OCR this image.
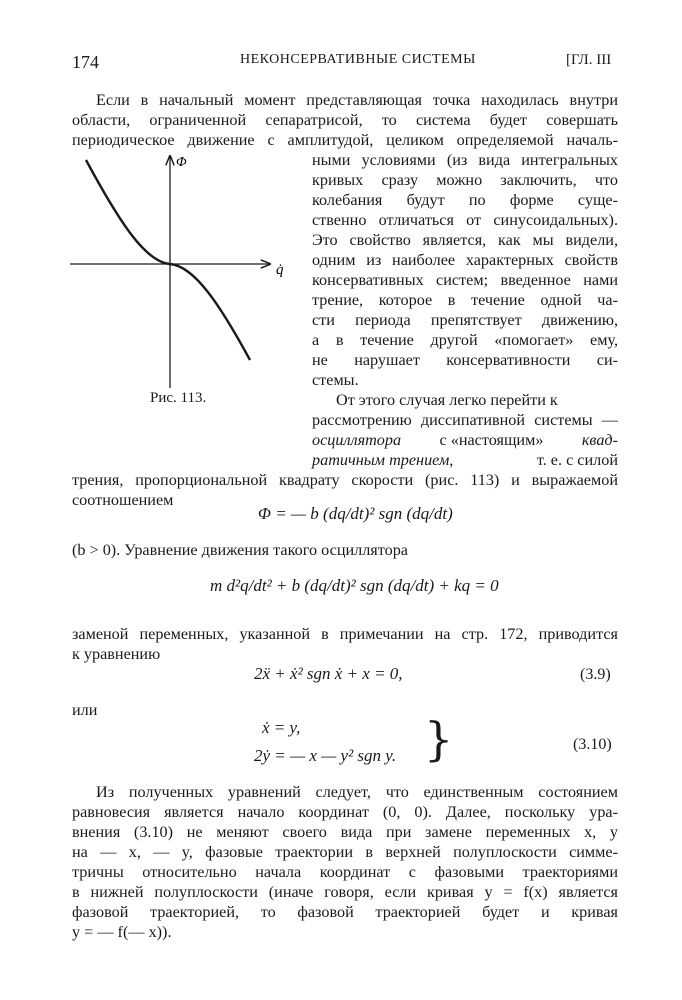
174	НЕКОНСЕРВАТИВНЫЕ СИСТЕМЫ	[ГЛ. III
Если в начальный момент представляющая точка находилась внутри
области, ограниченной сепаратрисой, то система будет совершать
периодическое движение с амплитудой, целиком определяемой началь-
Φ
q̇
Рис. 113.
ными условиями (из вида интегральных
кривых сразу можно заключить, что
колебания будут по форме суще-
ственно отличаться от синусоидальных).
Это свойство является, как мы видели,
одним из наиболее характерных свойств
консервативных систем; введенное нами
трение, которое в течение одной ча-
сти периода препятствует движению,
а в течение другой «помогает» ему,
не нарушает консервативности си-
стемы.
От этого случая легко перейти к
рассмотрению диссипативной системы —
осциллятора с «настоящим» квад-
ратичным трением,	т. е. с силой
трения, пропорциональной квадрату скорости (рис. 113) и выражаемой
соотношением
Φ = — b (dq/dt)² sgn (dq/dt)
(b > 0). Уравнение движения такого осциллятора
m d²q/dt² + b (dq/dt)² sgn (dq/dt) + kq = 0
заменой переменных, указанной в примечании на стр. 172, приводится
к уравнению
2ẍ + ẋ² sgn ẋ + x = 0,	(3.9)
или
ẋ = y,
2ẏ = — x — y² sgn y. }	(3.10)
Из полученных уравнений следует, что единственным состоянием
равновесия является начало координат (0, 0). Далее, поскольку ура-
внения (3.10) не меняют своего вида при замене переменных x, y
на — x, — y, фазовые траектории в верхней полуплоскости симме-
тричны относительно начала координат с фазовыми траекториями
в нижней полуплоскости (иначе говоря, если кривая y = f(x) является
фазовой траекторией, то фазовой траекторией будет и кривая
y = — f(— x)).
